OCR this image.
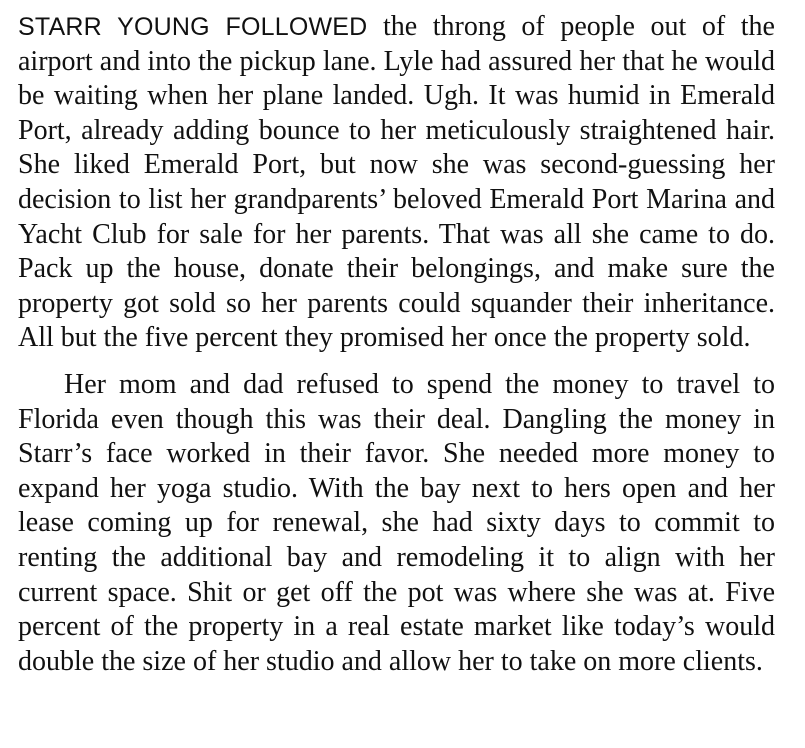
STARR YOUNG FOLLOWED the throng of people out of the airport and into the pickup lane. Lyle had assured her that he would be waiting when her plane landed. Ugh. It was humid in Emerald Port, already adding bounce to her meticulously straightened hair. She liked Emerald Port, but now she was second-guessing her decision to list her grandparents’ beloved Emerald Port Marina and Yacht Club for sale for her parents. That was all she came to do. Pack up the house, donate their belongings, and make sure the property got sold so her parents could squander their inheritance. All but the five percent they promised her once the property sold.

Her mom and dad refused to spend the money to travel to Florida even though this was their deal. Dangling the money in Starr’s face worked in their favor. She needed more money to expand her yoga studio. With the bay next to hers open and her lease coming up for renewal, she had sixty days to commit to renting the additional bay and remodeling it to align with her current space. Shit or get off the pot was where she was at. Five percent of the property in a real estate market like today’s would double the size of her studio and allow her to take on more clients.
